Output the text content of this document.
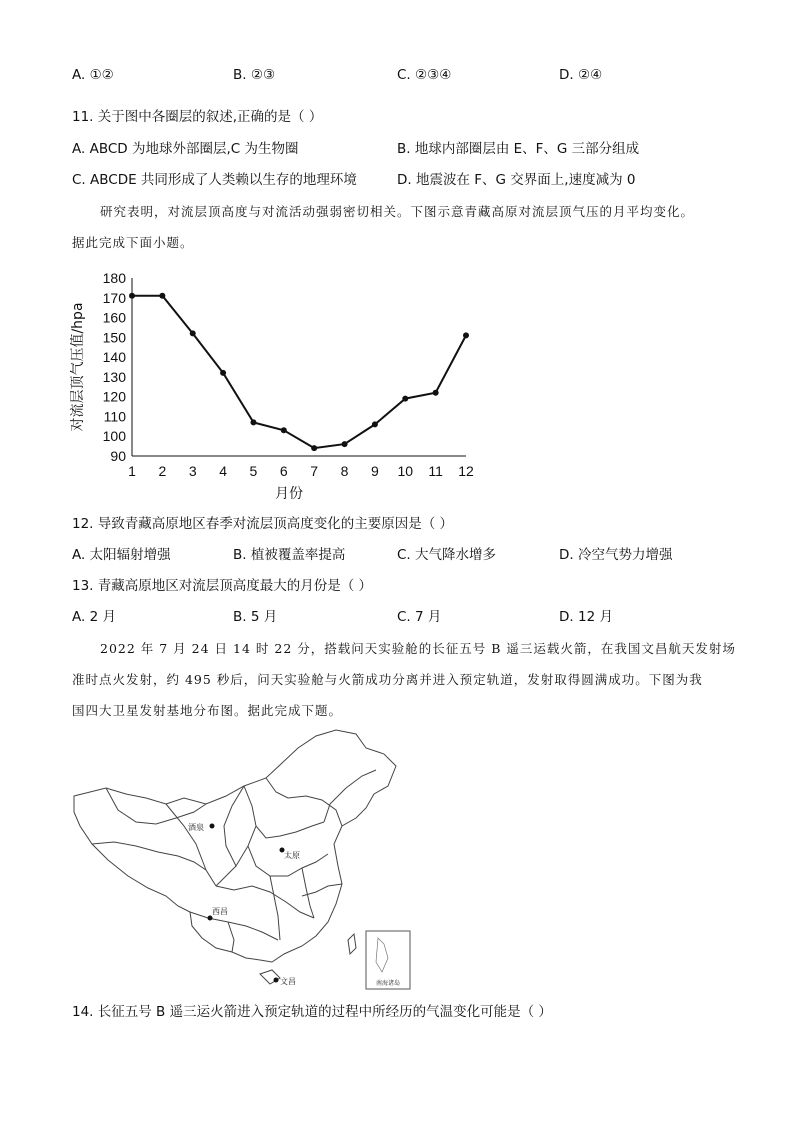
A. ①②	B. ②③	C. ②③④	D. ②④
11. 关于图中各圈层的叙述,正确的是（ ）
A. ABCD 为地球外部圈层,C 为生物圈	B. 地球内部圈层由 E、F、G 三部分组成
C. ABCDE 共同形成了人类赖以生存的地理环境	D. 地震波在 F、G 交界面上,速度减为 0
研究表明，对流层顶高度与对流活动强弱密切相关。下图示意青藏高原对流层顶气压的月平均变化。
据此完成下面小题。
180
170
160
150
140
130
120
110
100
90
1 2 3 4 5 6 7 8 9 10 11 12
月份
对流层顶气压值/hpa
12. 导致青藏高原地区春季对流层顶高度变化的主要原因是（ ）
A. 太阳辐射增强	B. 植被覆盖率提高	C. 大气降水增多	D. 冷空气势力增强
13. 青藏高原地区对流层顶高度最大的月份是（ ）
A. 2 月	B. 5 月	C. 7 月	D. 12 月
2022 年 7 月 24 日 14 时 22 分，搭载问天实验舱的长征五号 B 遥三运载火箭，在我国文昌航天发射场
准时点火发射，约 495 秒后，问天实验舱与火箭成功分离并进入预定轨道，发射取得圆满成功。下图为我
国四大卫星发射基地分布图。据此完成下题。
南海诸岛
酒泉
太原
西昌
文昌
14. 长征五号 B 遥三运火箭进入预定轨道的过程中所经历的气温变化可能是（ ）
